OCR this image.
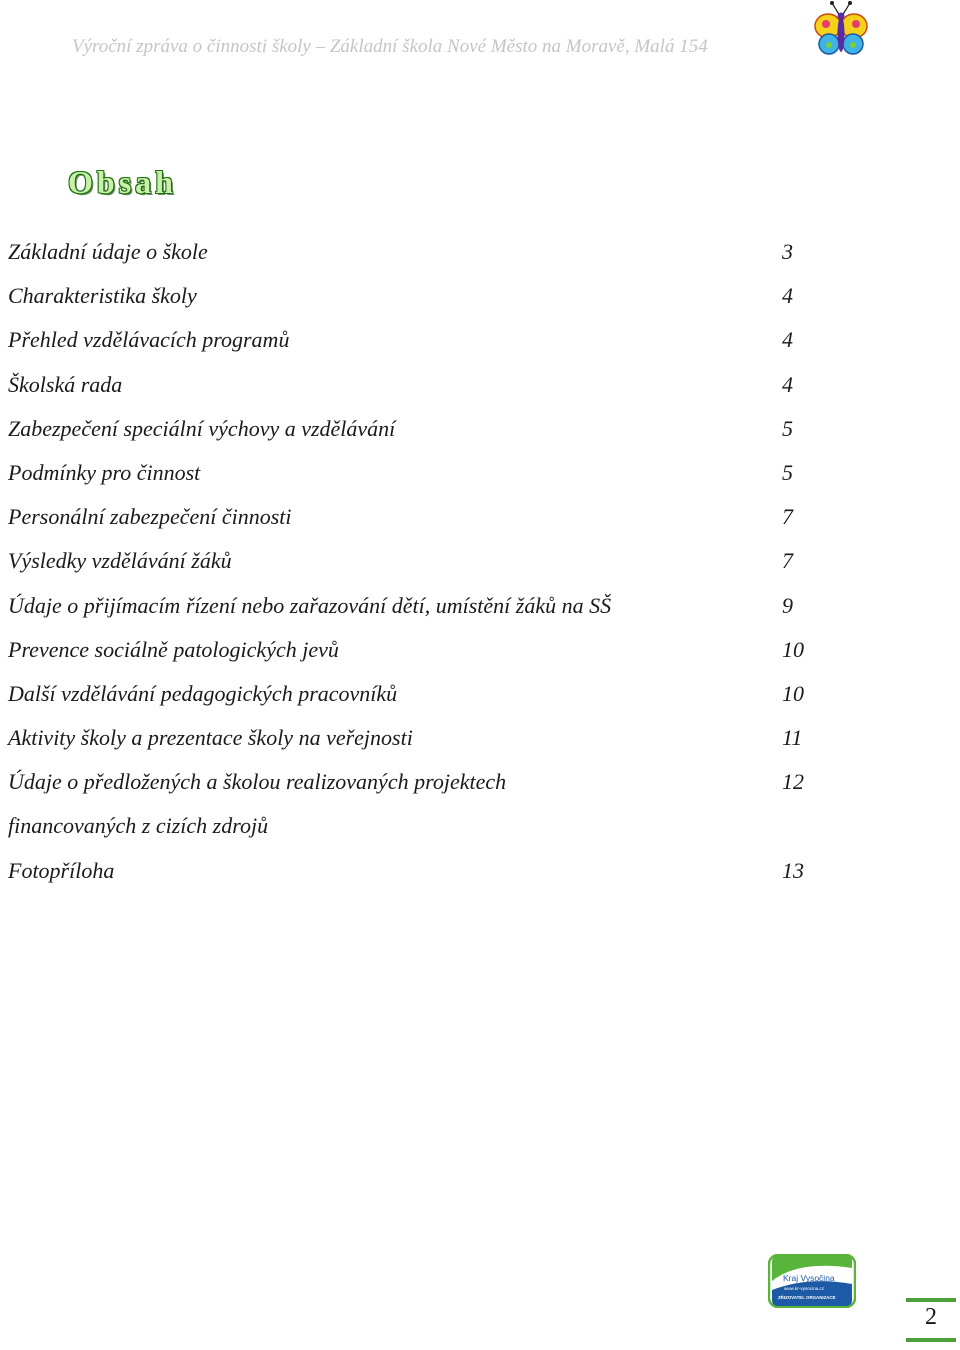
Výroční zpráva o činnosti školy – Základní škola Nové Město na Moravě, Malá 154
Obsah
Základní údaje o škole	3
Charakteristika školy	4
Přehled vzdělávacích programů	4
Školská rada	4
Zabezpečení speciální výchovy a vzdělávání	5
Podmínky pro činnost	5
Personální zabezpečení činnosti	7
Výsledky vzdělávání žáků	7
Údaje o přijímacím řízení nebo zařazování dětí, umístění žáků na SŠ	9
Prevence sociálně patologických jevů	10
Další vzdělávání pedagogických pracovníků	10
Aktivity školy a prezentace školy na veřejnosti	11
Údaje o předložených a školou realizovaných projektech	12
financovaných z cizích zdrojů
Fotopříloha	13
Kraj Vysočina
www.kr-vysocina.cz
ZŘIZOVATEL ORGANIZACE
2
